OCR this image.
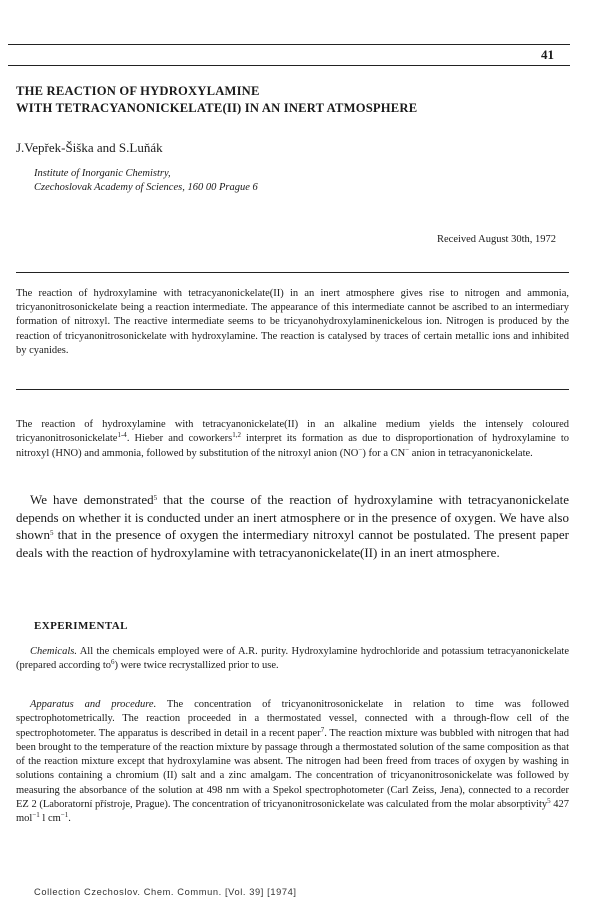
41
THE REACTION OF HYDROXYLAMINE
WITH TETRACYANONICKELATE(II) IN AN INERT ATMOSPHERE
J.Vepřek-Šiška and S.Luňák
Institute of Inorganic Chemistry,
Czechoslovak Academy of Sciences, 160 00 Prague 6
Received August 30th, 1972
The reaction of hydroxylamine with tetracyanonickelate(II) in an inert atmosphere gives rise to nitrogen and ammonia, tricyanonitrosonickelate being a reaction intermediate. The appearance of this intermediate cannot be ascribed to an intermediary formation of nitroxyl. The reactive intermediate seems to be tricyanohydroxylaminenickelous ion. Nitrogen is produced by the reaction of tricyanonitrosonickelate with hydroxylamine. The reaction is catalysed by traces of certain metallic ions and inhibited by cyanides.
The reaction of hydroxylamine with tetracyanonickelate(II) in an alkaline medium yields the intensely coloured tricyanonitrosonickelate$^{1-4}$. Hieber and coworkers$^{1,2}$ interpret its formation as due to disproportionation of hydroxylamine to nitroxyl (HNO) and ammonia, followed by substitution of the nitroxyl anion (NO−) for a CN− anion in tetracyanonickelate.
We have demonstrated$^5$ that the course of the reaction of hydroxylamine with tetracyanonickelate depends on whether it is conducted under an inert atmosphere or in the presence of oxygen. We have also shown$^5$ that in the presence of oxygen the intermediary nitroxyl cannot be postulated. The present paper deals with the reaction of hydroxylamine with tetracyanonickelate(II) in an inert atmosphere.
EXPERIMENTAL
Chemicals. All the chemicals employed were of A.R. purity. Hydroxylamine hydrochloride and potassium tetracyanonickelate (prepared according $to^6$) were twice recrystallized prior to use.
Apparatus and procedure. The concentration of tricyanonitrosonickelate in relation to time was followed spectrophotometrically. The reaction proceeded in a thermostated vessel, connected with a through-flow cell of the spectrophotometer. The apparatus is described in detail in a recent paper$^7$. The reaction mixture was bubbled with nitrogen that had been brought to the temperature of the reaction mixture by passage through a thermostated solution of the same composition as that of the reaction mixture except that hydroxylamine was absent. The nitrogen had been freed from traces of oxygen by washing in solutions containing a chromium (II) salt and a zinc amalgam. The concentration of tricyanonitrosonickelate was followed by measuring the absorbance of the solution at 498 nm with a Spekol spectrophotometer (Carl Zeiss, Jena), connected to a recorder EZ 2 (Laboratorní přístroje, Prague). The concentration of tricyanonitrosonickelate was calculated from the molar absorptivity$^5$ 427 mol$^{-1}$ l $cm^{-1}$.
Collection Czechoslov. Chem. Commun. [Vol. 39] [1974]
